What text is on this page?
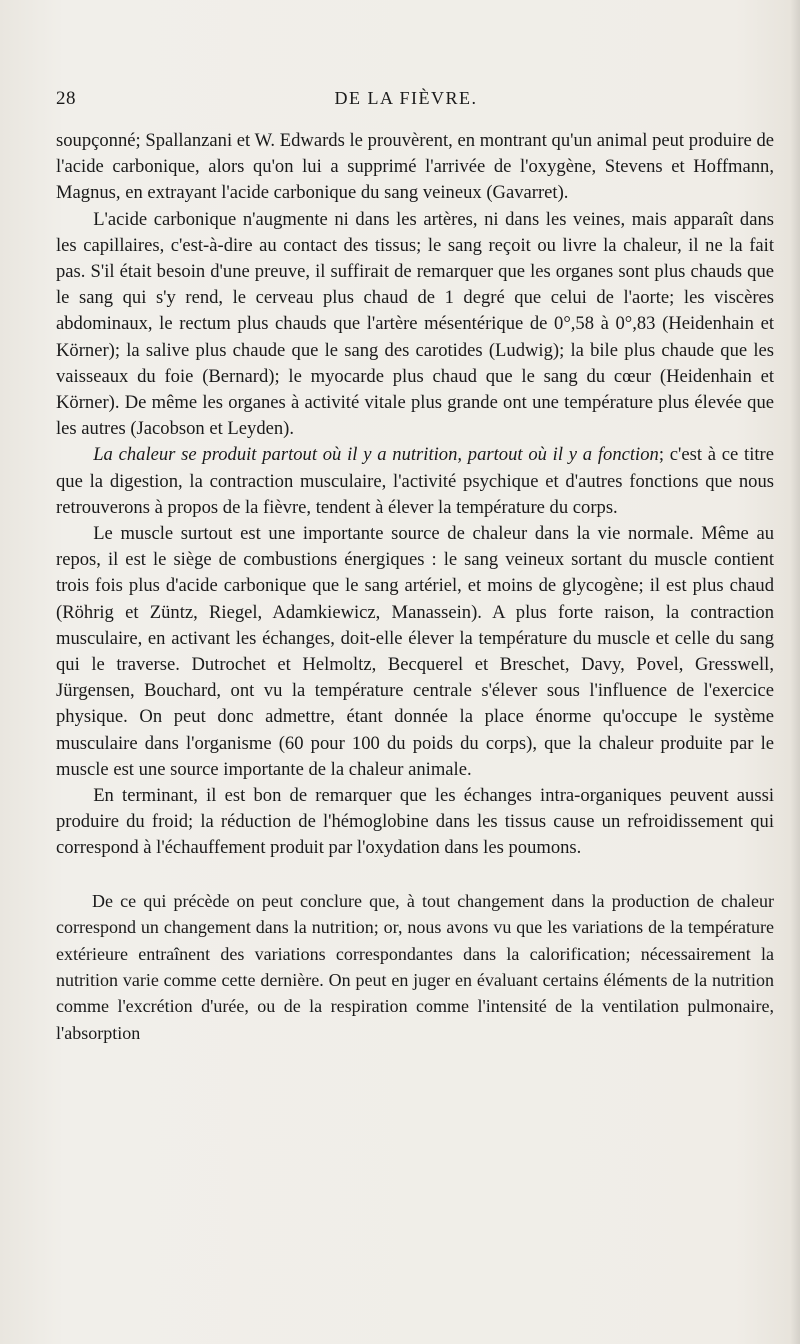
28	DE LA FIÈVRE.

soupçonné; Spallanzani et W. Edwards le prouvèrent, en montrant qu'un animal peut produire de l'acide carbonique, alors qu'on lui a supprimé l'arrivée de l'oxygène, Stevens et Hoffmann, Magnus, en extrayant l'acide carbonique du sang veineux (Gavarret).

L'acide carbonique n'augmente ni dans les artères, ni dans les veines, mais apparaît dans les capillaires, c'est-à-dire au contact des tissus; le sang reçoit ou livre la chaleur, il ne la fait pas. S'il était besoin d'une preuve, il suffirait de remarquer que les organes sont plus chauds que le sang qui s'y rend, le cerveau plus chaud de 1 degré que celui de l'aorte; les viscères abdominaux, le rectum plus chauds que l'artère mésentérique de 0°,58 à 0°,83 (Heidenhain et Körner); la salive plus chaude que le sang des carotides (Ludwig); la bile plus chaude que les vaisseaux du foie (Bernard); le myocarde plus chaud que le sang du cœur (Heidenhain et Körner). De même les organes à activité vitale plus grande ont une température plus élevée que les autres (Jacobson et Leyden).

La chaleur se produit partout où il y a nutrition, partout où il y a fonction; c'est à ce titre que la digestion, la contraction musculaire, l'activité psychique et d'autres fonctions que nous retrouverons à propos de la fièvre, tendent à élever la température du corps.

Le muscle surtout est une importante source de chaleur dans la vie normale. Même au repos, il est le siège de combustions énergiques : le sang veineux sortant du muscle contient trois fois plus d'acide carbonique que le sang artériel, et moins de glycogène; il est plus chaud (Röhrig et Züntz, Riegel, Adamkiewicz, Manassein). A plus forte raison, la contraction musculaire, en activant les échanges, doit-elle élever la température du muscle et celle du sang qui le traverse. Dutrochet et Helmoltz, Becquerel et Breschet, Davy, Povel, Gresswell, Jürgensen, Bouchard, ont vu la température centrale s'élever sous l'influence de l'exercice physique. On peut donc admettre, étant donnée la place énorme qu'occupe le système musculaire dans l'organisme (60 pour 100 du poids du corps), que la chaleur produite par le muscle est une source importante de la chaleur animale.

En terminant, il est bon de remarquer que les échanges intra-organiques peuvent aussi produire du froid; la réduction de l'hémoglobine dans les tissus cause un refroidissement qui correspond à l'échauffement produit par l'oxydation dans les poumons.

De ce qui précède on peut conclure que, à tout changement dans la production de chaleur correspond un changement dans la nutrition; or, nous avons vu que les variations de la température extérieure entraînent des variations correspondantes dans la calorification; nécessairement la nutrition varie comme cette dernière. On peut en juger en évaluant certains éléments de la nutrition comme l'excrétion d'urée, ou de la respiration comme l'intensité de la ventilation pulmonaire, l'absorption
